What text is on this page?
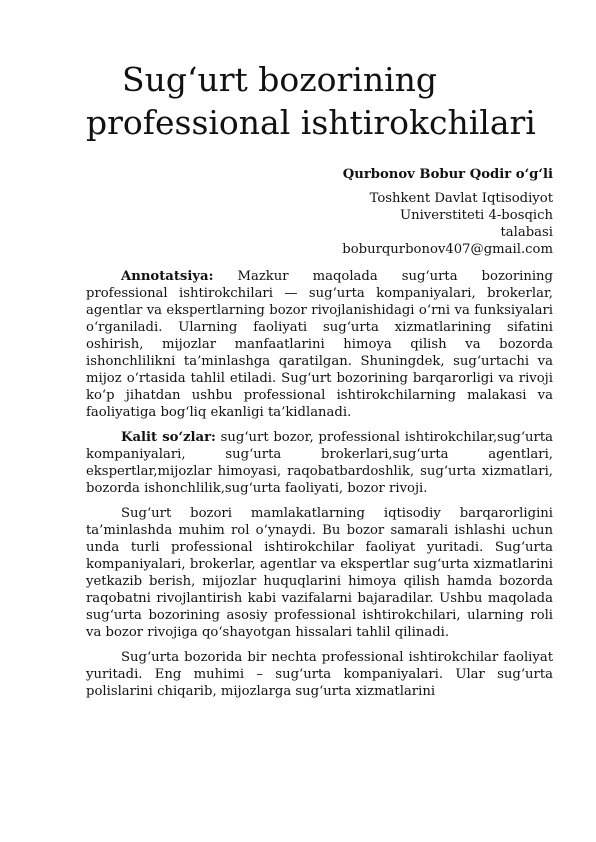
Sug‘urt bozorining professional ishtirokchilari
Qurbonov Bobur Qodir o‘g‘li
Toshkent Davlat Iqtisodiyot
Universtiteti 4-bosqich
talabasi
boburqurbonov407@gmail.com

Annotatsiya: Mazkur maqolada sug‘urta bozorining professional ishtirokchilari — sug‘urta kompaniyalari, brokerlar, agentlar va ekspertlarning bozor rivojlanishidagi o‘rni va funksiyalari o‘rganiladi. Ularning faoliyati sug‘urta xizmatlarining sifatini oshirish, mijozlar manfaatlarini himoya qilish va bozorda ishonchlilikni ta’minlashga qaratilgan. Shuningdek, sug‘urtachi va mijoz o‘rtasida tahlil etiladi. Sug‘urt bozorining barqarorligi va rivoji ko‘p jihatdan ushbu professional ishtirokchilarning malakasi va faoliyatiga bog‘liq ekanligi ta’kidlanadi.

Kalit so‘zlar: sug‘urt bozor, professional ishtirokchilar,sug‘urta kompaniyalari, sug‘urta brokerlari,sug‘urta agentlari, ekspertlar,mijozlar himoyasi, raqobatbardoshlik, sug‘urta xizmatlari, bozorda ishonchlilik,sug‘urta faoliyati, bozor rivoji.

Sug‘urt bozori mamlakatlarning iqtisodiy barqarorligini ta’minlashda muhim rol o‘ynaydi. Bu bozor samarali ishlashi uchun unda turli professional ishtirokchilar faoliyat yuritadi. Sug‘urta kompaniyalari, brokerlar, agentlar va ekspertlar sug‘urta xizmatlarini yetkazib berish, mijozlar huquqlarini himoya qilish hamda bozorda raqobatni rivojlantirish kabi vazifalarni bajaradilar. Ushbu maqolada sug‘urta bozorining asosiy professional ishtirokchilari, ularning roli va bozor rivojiga qo‘shayotgan hissalari tahlil qilinadi.

Sug‘urta bozorida bir nechta professional ishtirokchilar faoliyat yuritadi. Eng muhimi – sug‘urta kompaniyalari. Ular sug‘urta polislarini chiqarib, mijozlarga sug‘urta xizmatlarini
